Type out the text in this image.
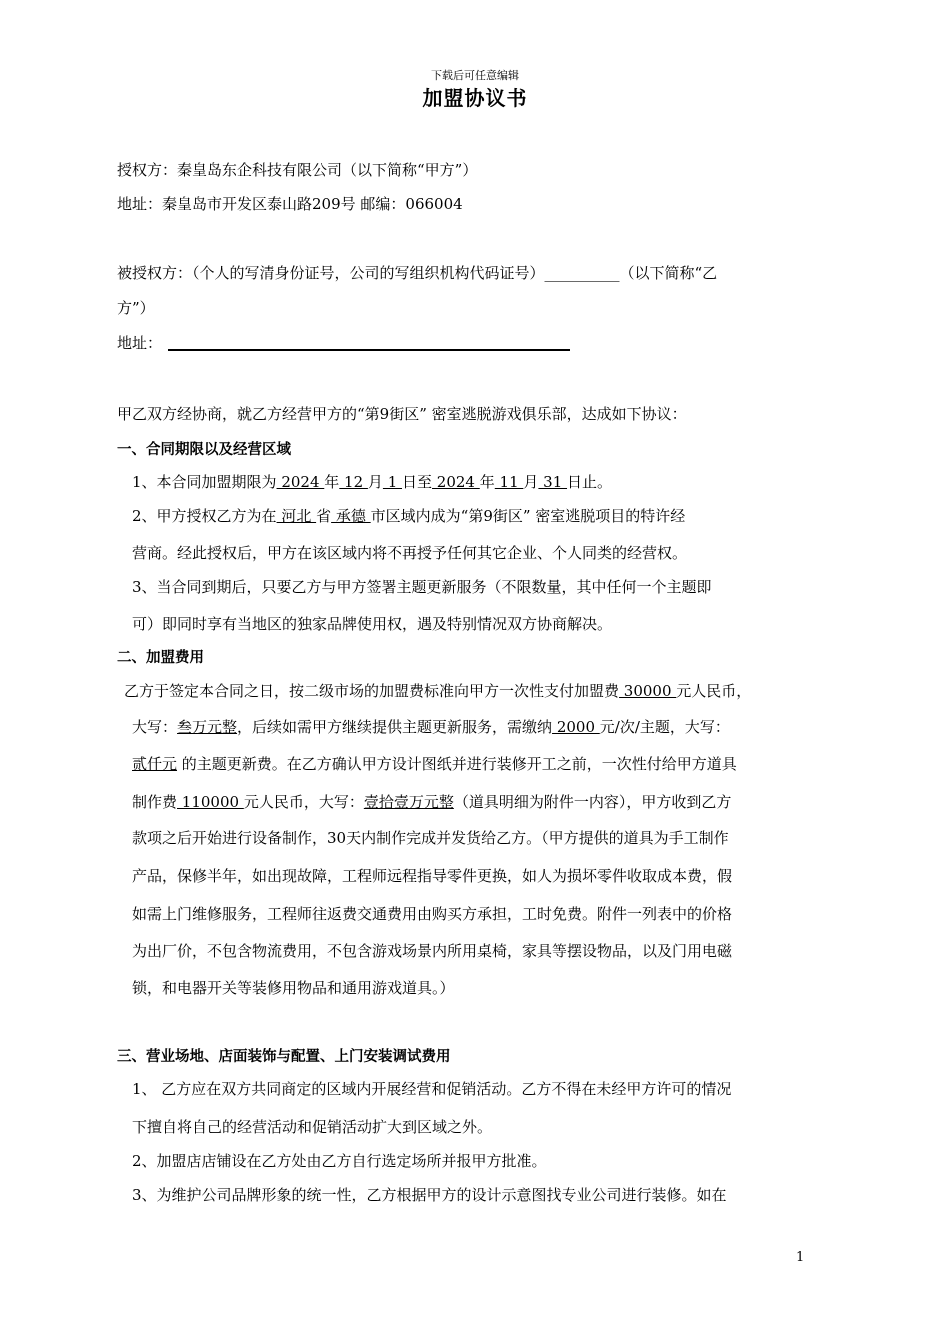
下载后可任意编辑
加盟协议书
授权方：秦皇岛东企科技有限公司（以下简称“甲方”）
地址：秦皇岛市开发区泰山路209号 邮编：066004
被授权方：（个人的写清身份证号，公司的写组织机构代码证号）__________（以下简称“乙
方”）
地址：
甲乙双方经协商，就乙方经营甲方的“第9街区” 密室逃脱游戏俱乐部，达成如下协议：
一、合同期限以及经营区域
1、本合同加盟期限为 2024 年 12 月 1 日至 2024 年 11 月 31 日止。
2、甲方授权乙方为在 河北 省 承德 市区域内成为“第9街区” 密室逃脱项目的特许经
营商。经此授权后，甲方在该区域内将不再授予任何其它企业、个人同类的经营权。
3、当合同到期后，只要乙方与甲方签署主题更新服务（不限数量，其中任何一个主题即
可）即同时享有当地区的独家品牌使用权，遇及特别情况双方协商解决。
二、加盟费用
乙方于签定本合同之日，按二级市场的加盟费标准向甲方一次性支付加盟费 30000 元人民币，
大写：叁万元整，后续如需甲方继续提供主题更新服务，需缴纳 2000 元/次/主题，大写：
贰仟元 的主题更新费。在乙方确认甲方设计图纸并进行装修开工之前，一次性付给甲方道具
制作费 110000 元人民币，大写：壹拾壹万元整（道具明细为附件一内容），甲方收到乙方
款项之后开始进行设备制作，30天内制作完成并发货给乙方。（甲方提供的道具为手工制作
产品，保修半年，如出现故障，工程师远程指导零件更换，如人为损坏零件收取成本费，假
如需上门维修服务，工程师往返费交通费用由购买方承担，工时免费。附件一列表中的价格
为出厂价，不包含物流费用，不包含游戏场景内所用桌椅，家具等摆设物品，以及门用电磁
锁，和电器开关等装修用物品和通用游戏道具。）
三、营业场地、店面装饰与配置、上门安装调试费用
1、 乙方应在双方共同商定的区域内开展经营和促销活动。乙方不得在未经甲方许可的情况
下擅自将自己的经营活动和促销活动扩大到区域之外。
2、加盟店店铺设在乙方处由乙方自行选定场所并报甲方批准。
3、为维护公司品牌形象的统一性，乙方根据甲方的设计示意图找专业公司进行装修。如在
1
